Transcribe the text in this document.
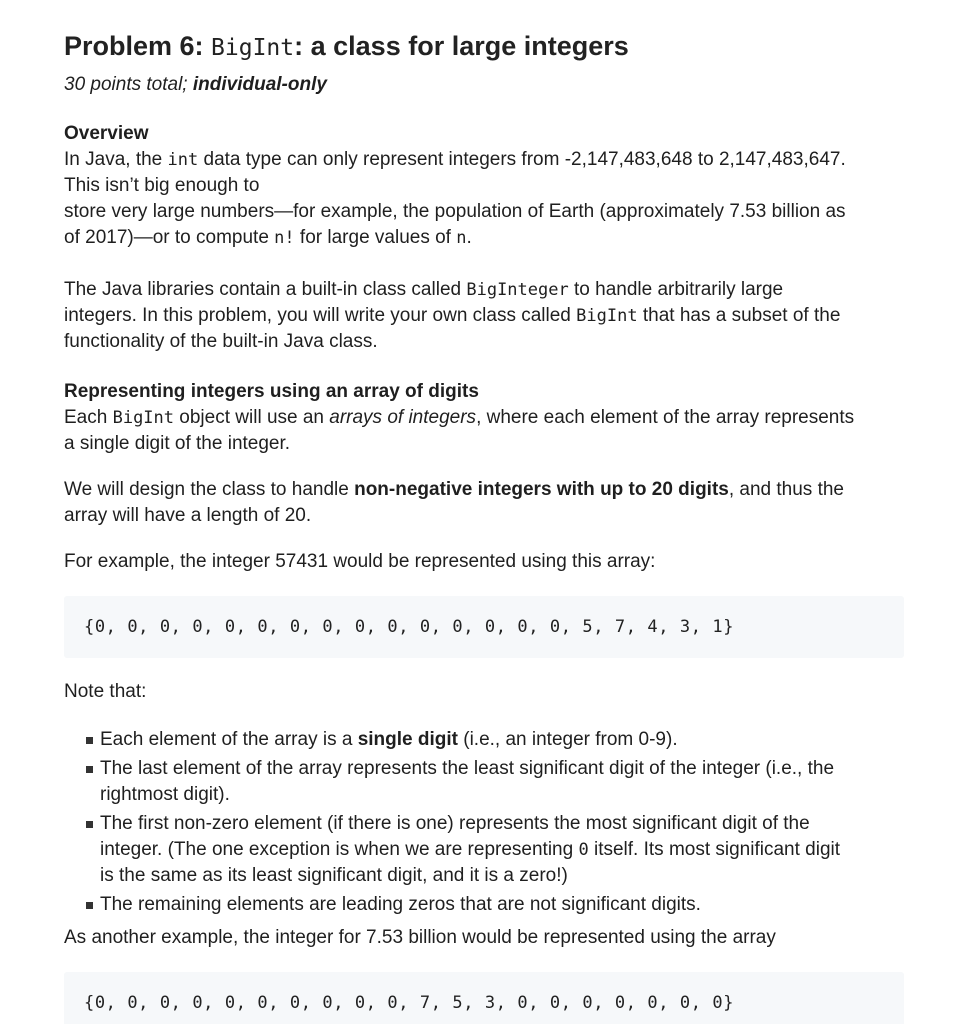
Problem 6: BigInt: a class for large integers
30 points total; individual-only
Overview

In Java, the int data type can only represent integers from -2,147,483,648 to 2,147,483,647.
This isn’t big enough to
store very large numbers—for example, the population of Earth (approximately 7.53 billion as
of 2017)—or to compute n! for large values of n.

The Java libraries contain a built-in class called BigInteger to handle arbitrarily large
integers. In this problem, you will write your own class called BigInt that has a subset of the
functionality of the built-in Java class.

Representing integers using an array of digits

Each BigInt object will use an arrays of integers, where each element of the array represents
a single digit of the integer.

We will design the class to handle non-negative integers with up to 20 digits, and thus the
array will have a length of 20.

For example, the integer 57431 would be represented using this array:

{0, 0, 0, 0, 0, 0, 0, 0, 0, 0, 0, 0, 0, 0, 0, 5, 7, 4, 3, 1}

Note that:

Each element of the array is a single digit (i.e., an integer from 0-9).
The last element of the array represents the least significant digit of the integer (i.e., the
rightmost digit).
The first non-zero element (if there is one) represents the most significant digit of the
integer. (The one exception is when we are representing 0 itself. Its most significant digit
is the same as its least significant digit, and it is a zero!)
The remaining elements are leading zeros that are not significant digits.

As another example, the integer for 7.53 billion would be represented using the array

{0, 0, 0, 0, 0, 0, 0, 0, 0, 0, 7, 5, 3, 0, 0, 0, 0, 0, 0, 0}
